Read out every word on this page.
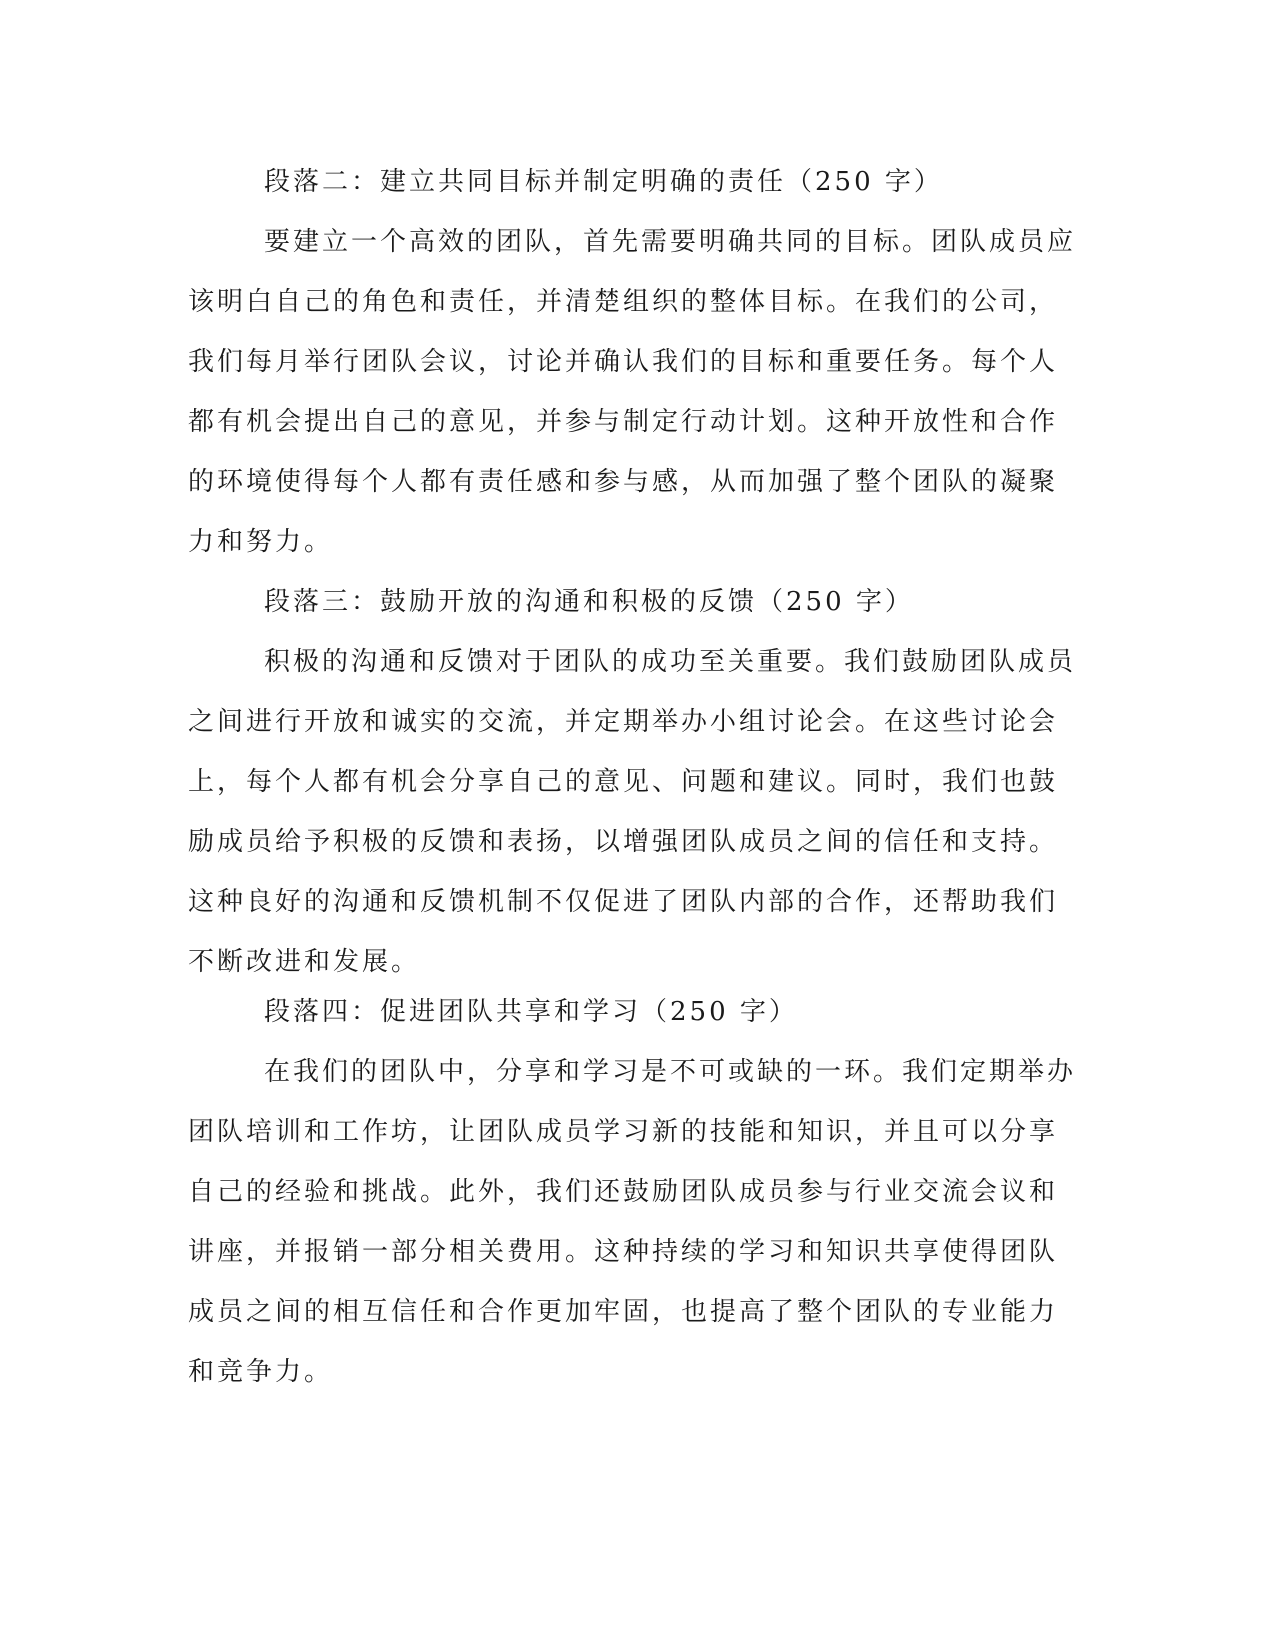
段落二：建立共同目标并制定明确的责任（250 字）
要建立一个高效的团队，首先需要明确共同的目标。团队成员应
该明白自己的角色和责任，并清楚组织的整体目标。在我们的公司，
我们每月举行团队会议，讨论并确认我们的目标和重要任务。每个人
都有机会提出自己的意见，并参与制定行动计划。这种开放性和合作
的环境使得每个人都有责任感和参与感，从而加强了整个团队的凝聚
力和努力。
段落三：鼓励开放的沟通和积极的反馈（250 字）
积极的沟通和反馈对于团队的成功至关重要。我们鼓励团队成员
之间进行开放和诚实的交流，并定期举办小组讨论会。在这些讨论会
上，每个人都有机会分享自己的意见、问题和建议。同时，我们也鼓
励成员给予积极的反馈和表扬，以增强团队成员之间的信任和支持。
这种良好的沟通和反馈机制不仅促进了团队内部的合作，还帮助我们
不断改进和发展。
段落四：促进团队共享和学习（250 字）
在我们的团队中，分享和学习是不可或缺的一环。我们定期举办
团队培训和工作坊，让团队成员学习新的技能和知识，并且可以分享
自己的经验和挑战。此外，我们还鼓励团队成员参与行业交流会议和
讲座，并报销一部分相关费用。这种持续的学习和知识共享使得团队
成员之间的相互信任和合作更加牢固，也提高了整个团队的专业能力
和竞争力。
